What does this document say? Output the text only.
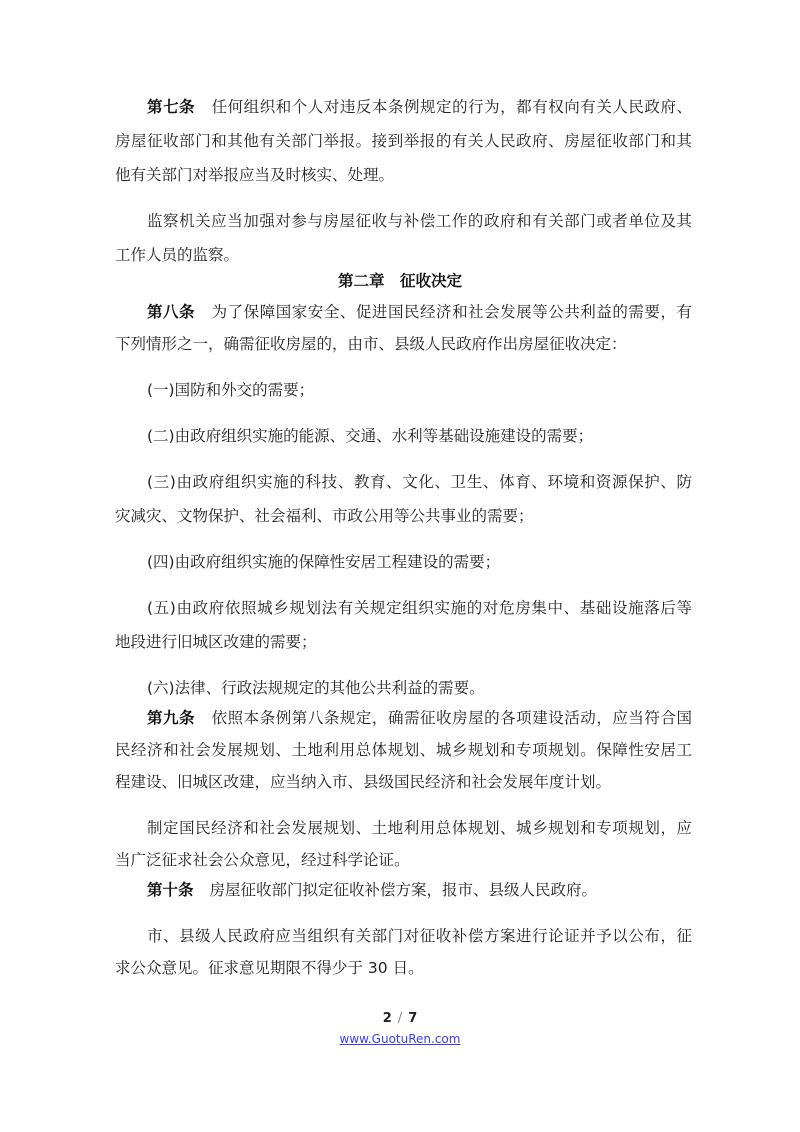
第七条 任何组织和个人对违反本条例规定的行为，都有权向有关人民政府、
房屋征收部门和其他有关部门举报。接到举报的有关人民政府、房屋征收部门和其
他有关部门对举报应当及时核实、处理。
监察机关应当加强对参与房屋征收与补偿工作的政府和有关部门或者单位及其
工作人员的监察。
第二章　征收决定
第八条 为了保障国家安全、促进国民经济和社会发展等公共利益的需要，有
下列情形之一，确需征收房屋的，由市、县级人民政府作出房屋征收决定：
(一)国防和外交的需要；
(二)由政府组织实施的能源、交通、水利等基础设施建设的需要；
(三)由政府组织实施的科技、教育、文化、卫生、体育、环境和资源保护、防
灾减灾、文物保护、社会福利、市政公用等公共事业的需要；
(四)由政府组织实施的保障性安居工程建设的需要；
(五)由政府依照城乡规划法有关规定组织实施的对危房集中、基础设施落后等
地段进行旧城区改建的需要；
(六)法律、行政法规规定的其他公共利益的需要。
第九条 依照本条例第八条规定，确需征收房屋的各项建设活动，应当符合国
民经济和社会发展规划、土地利用总体规划、城乡规划和专项规划。保障性安居工
程建设、旧城区改建，应当纳入市、县级国民经济和社会发展年度计划。
制定国民经济和社会发展规划、土地利用总体规划、城乡规划和专项规划，应
当广泛征求社会公众意见，经过科学论证。
第十条 房屋征收部门拟定征收补偿方案，报市、县级人民政府。
市、县级人民政府应当组织有关部门对征收补偿方案进行论证并予以公布，征
求公众意见。征求意见期限不得少于 30 日。
2 / 7
www.GuotuRen.com
